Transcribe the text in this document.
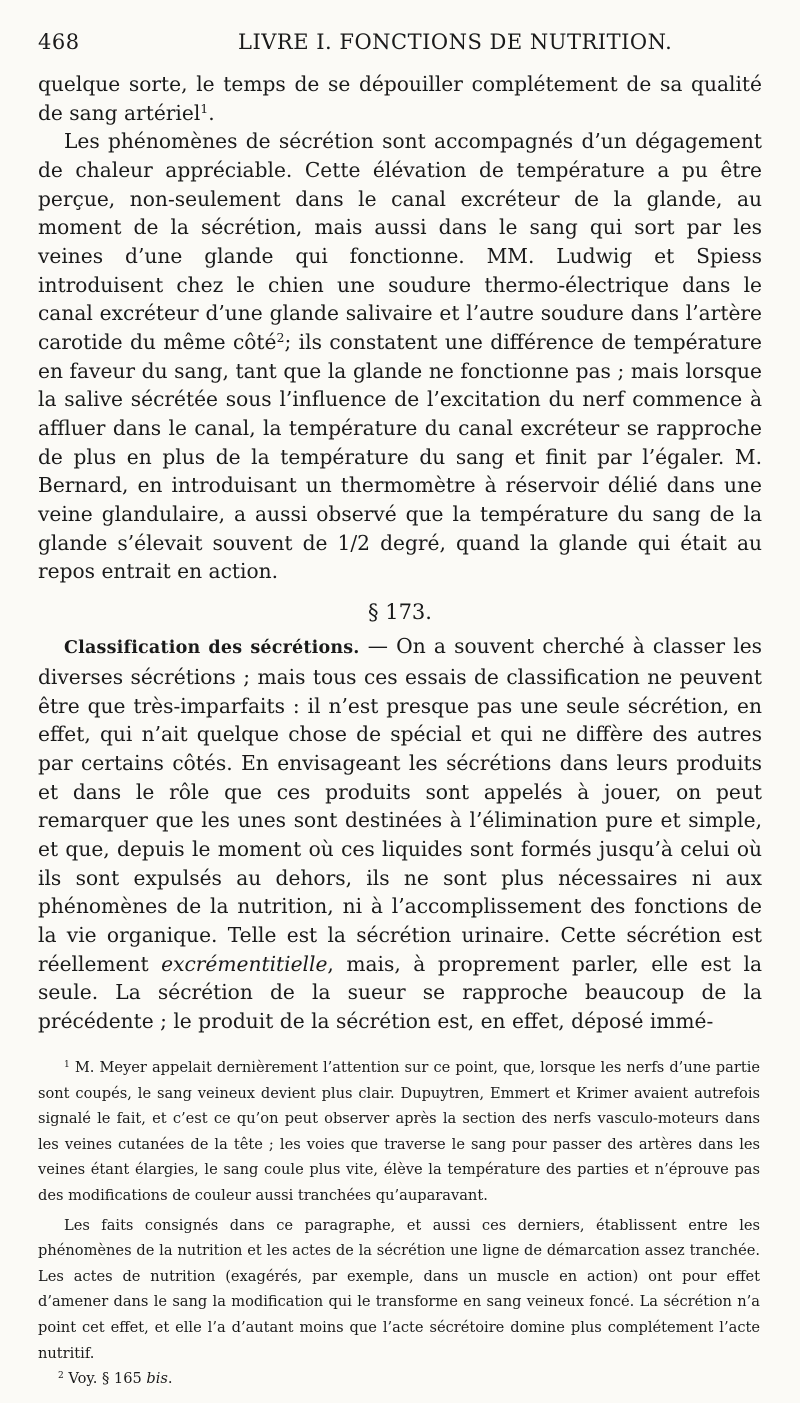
468	LIVRE I. FONCTIONS DE NUTRITION.

quelque sorte, le temps de se dépouiller complétement de sa qualité de sang artériel$^1$.

Les phénomènes de sécrétion sont accompagnés d’un dégagement de chaleur appréciable. Cette élévation de température a pu être perçue, non-seulement dans le canal excréteur de la glande, au moment de la sécrétion, mais aussi dans le sang qui sort par les veines d’une glande qui fonctionne. MM. Ludwig et Spiess introduisent chez le chien une soudure thermo-électrique dans le canal excréteur d’une glande salivaire et l’autre soudure dans l’artère carotide du même côté$^2$; ils constatent une différence de température en faveur du sang, tant que la glande ne fonctionne pas ; mais lorsque la salive sécrétée sous l’influence de l’excitation du nerf commence à affluer dans le canal, la température du canal excréteur se rapproche de plus en plus de la température du sang et finit par l’égaler. M. Bernard, en introduisant un thermomètre à réservoir délié dans une veine glandulaire, a aussi observé que la température du sang de la glande s’élevait souvent de 1/2 degré, quand la glande qui était au repos entrait en action.

§ 173.

Classification des sécrétions. — On a souvent cherché à classer les diverses sécrétions ; mais tous ces essais de classification ne peuvent être que très-imparfaits : il n’est presque pas une seule sécrétion, en effet, qui n’ait quelque chose de spécial et qui ne diffère des autres par certains côtés. En envisageant les sécrétions dans leurs produits et dans le rôle que ces produits sont appelés à jouer, on peut remarquer que les unes sont destinées à l’élimination pure et simple, et que, depuis le moment où ces liquides sont formés jusqu’à celui où ils sont expulsés au dehors, ils ne sont plus nécessaires ni aux phénomènes de la nutrition, ni à l’accomplissement des fonctions de la vie organique. Telle est la sécrétion urinaire. Cette sécrétion est réellement excrémentitielle, mais, à proprement parler, elle est la seule. La sécrétion de la sueur se rapproche beaucoup de la précédente ; le produit de la sécrétion est, en effet, déposé immé-

$^1$ M. Meyer appelait dernièrement l’attention sur ce point, que, lorsque les nerfs d’une partie sont coupés, le sang veineux devient plus clair. Dupuytren, Emmert et Krimer avaient autrefois signalé le fait, et c’est ce qu’on peut observer après la section des nerfs vasculo-moteurs dans les veines cutanées de la tête ; les voies que traverse le sang pour passer des artères dans les veines étant élargies, le sang coule plus vite, élève la température des parties et n’éprouve pas des modifications de couleur aussi tranchées qu’auparavant.

Les faits consignés dans ce paragraphe, et aussi ces derniers, établissent entre les phénomènes de la nutrition et les actes de la sécrétion une ligne de démarcation assez tranchée. Les actes de nutrition (exagérés, par exemple, dans un muscle en action) ont pour effet d’amener dans le sang la modification qui le transforme en sang veineux foncé. La sécrétion n’a point cet effet, et elle l’a d’autant moins que l’acte sécrétoire domine plus complétement l’acte nutritif.

$^2$ Voy. § 165 bis.
